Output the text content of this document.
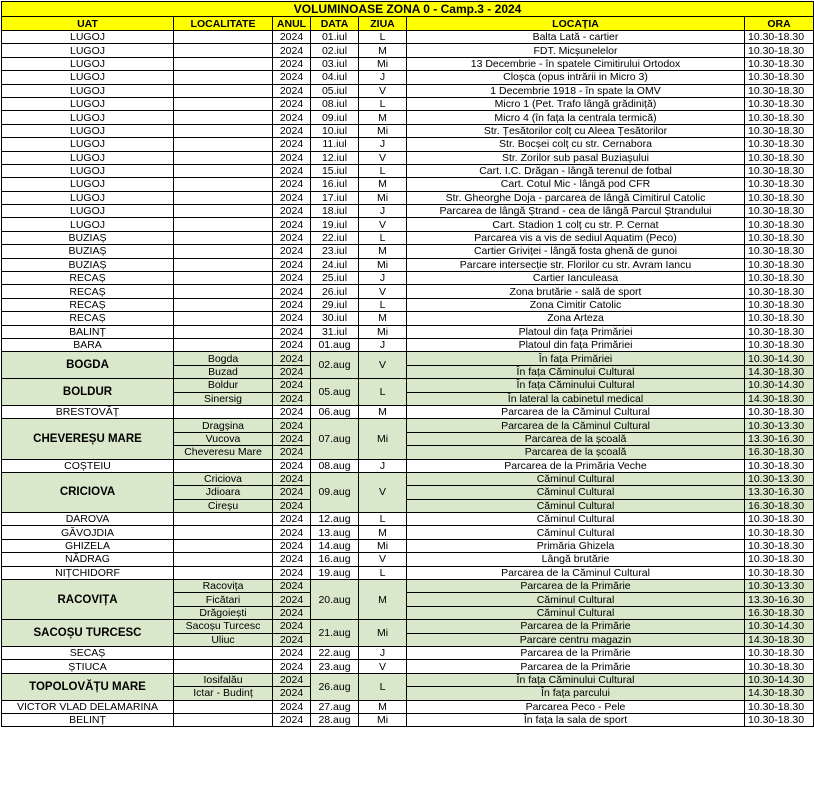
VOLUMINOASE ZONA 0 - Camp.3 - 2024						
UAT	LOCALITATE	ANUL	DATA	ZIUA	LOCAȚIA	ORA
LUGOJ		2024	01.iul	L	Balta Lată - cartier	10.30-18.30
LUGOJ		2024	02.iul	M	FDT. Micșunelelor	10.30-18.30
LUGOJ		2024	03.iul	Mi	13 Decembrie - în spatele Cimitirului Ortodox	10.30-18.30
LUGOJ		2024	04.iul	J	Cloșca (opus intrării in Micro 3)	10.30-18.30
LUGOJ		2024	05.iul	V	1 Decembrie 1918 - în spate la OMV	10.30-18.30
LUGOJ		2024	08.iul	L	Micro 1 (Pet. Trafo lângă grădiniță)	10.30-18.30
LUGOJ		2024	09.iul	M	Micro 4 (în fața la centrala termică)	10.30-18.30
LUGOJ		2024	10.iul	Mi	Str. Țesătorilor colț cu Aleea Țesătorilor	10.30-18.30
LUGOJ		2024	11.iul	J	Str. Bocșei colț cu str. Cernabora	10.30-18.30
LUGOJ		2024	12.iul	V	Str. Zorilor sub pasal Buziașului	10.30-18.30
LUGOJ		2024	15.iul	L	Cart. I.C. Drăgan - lângă terenul de fotbal	10.30-18.30
LUGOJ		2024	16.iul	M	Cart. Cotul Mic - lângă pod CFR	10.30-18.30
LUGOJ		2024	17.iul	Mi	Str. Gheorghe Doja - parcarea de lângă Cimitirul Catolic	10.30-18.30
LUGOJ		2024	18.iul	J	Parcarea de lângă Ștrand - cea de lângă Parcul Ștrandului	10.30-18.30
LUGOJ		2024	19.iul	V	Cart. Stadion 1 colț cu str. P. Cernat	10.30-18.30
BUZIAȘ		2024	22.iul	L	Parcarea vis a vis de sediul Aquatim (Peco)	10.30-18.30
BUZIAȘ		2024	23.iul	M	Cartier Griviței - lângă fosta ghenă de gunoi	10.30-18.30
BUZIAȘ		2024	24.iul	Mi	Parcare intersecție str. Florilor cu str. Avram Iancu	10.30-18.30
RECAȘ		2024	25.iul	J	Cartier Ianculeasa	10.30-18.30
RECAȘ		2024	26.iul	V	Zona brutărie - sală de sport	10.30-18.30
RECAȘ		2024	29.iul	L	Zona Cimitir Catolic	10.30-18.30
RECAȘ		2024	30.iul	M	Zona Arteza	10.30-18.30
BALINȚ		2024	31.iul	Mi	Platoul din fața Primăriei	10.30-18.30
BARA		2024	01.aug	J	Platoul din fața Primăriei	10.30-18.30
BOGDA	Bogda	2024	02.aug	V	În fața Primăriei	10.30-14.30
	Buzad	2024			În fața Căminului Cultural	14.30-18.30
BOLDUR	Boldur	2024	05.aug	L	În fața Căminului Cultural	10.30-14.30
	Sinersig	2024			În lateral la cabinetul medical	14.30-18.30
BRESTOVĂȚ		2024	06.aug	M	Parcarea de la Căminul Cultural	10.30-18.30
CHEVEREȘU MARE	Dragșina	2024	07.aug	Mi	Parcarea de la Căminul Cultural	10.30-13.30
	Vucova	2024			Parcarea de la școală	13.30-16.30
	Cheveresu Mare	2024			Parcarea de la școală	16.30-18.30
COȘTEIU		2024	08.aug	J	Parcarea de la Primăria Veche	10.30-18.30
CRICIOVA	Criciova	2024	09.aug	V	Căminul Cultural	10.30-13.30
	Jdioara	2024			Căminul Cultural	13.30-16.30
	Cireșu	2024			Căminul Cultural	16.30-18.30
DAROVA		2024	12.aug	L	Căminul Cultural	10.30-18.30
GĂVOJDIA		2024	13.aug	M	Căminul Cultural	10.30-18.30
GHIZELA		2024	14.aug	Mi	Primăria Ghizela	10.30-18.30
NĂDRAG		2024	16.aug	V	Lângă brutărie	10.30-18.30
NIȚCHIDORF		2024	19.aug	L	Parcarea de la Căminul Cultural	10.30-18.30
RACOVIȚA	Racovița	2024	20.aug	M	Parcarea de la Primărie	10.30-13.30
	Ficătari	2024			Căminul Cultural	13.30-16.30
	Drăgoiești	2024			Căminul Cultural	16.30-18.30
SACOȘU TURCESC	Sacoșu Turcesc	2024	21.aug	Mi	Parcarea de la Primărie	10.30-14.30
	Uliuc	2024			Parcare centru magazin	14.30-18.30
SECAȘ		2024	22.aug	J	Parcarea de la Primărie	10.30-18.30
ȘTIUCA		2024	23.aug	V	Parcarea de la Primărie	10.30-18.30
TOPOLOVĂȚU MARE	Iosifalău	2024	26.aug	L	În fața Căminului Cultural	10.30-14.30
	Ictar - Budinț	2024			În fața parcului	14.30-18.30
VICTOR VLAD DELAMARINA		2024	27.aug	M	Parcarea Peco - Pele	10.30-18.30
BELINȚ		2024	28.aug	Mi	În fața la sala de sport	10.30-18.30
